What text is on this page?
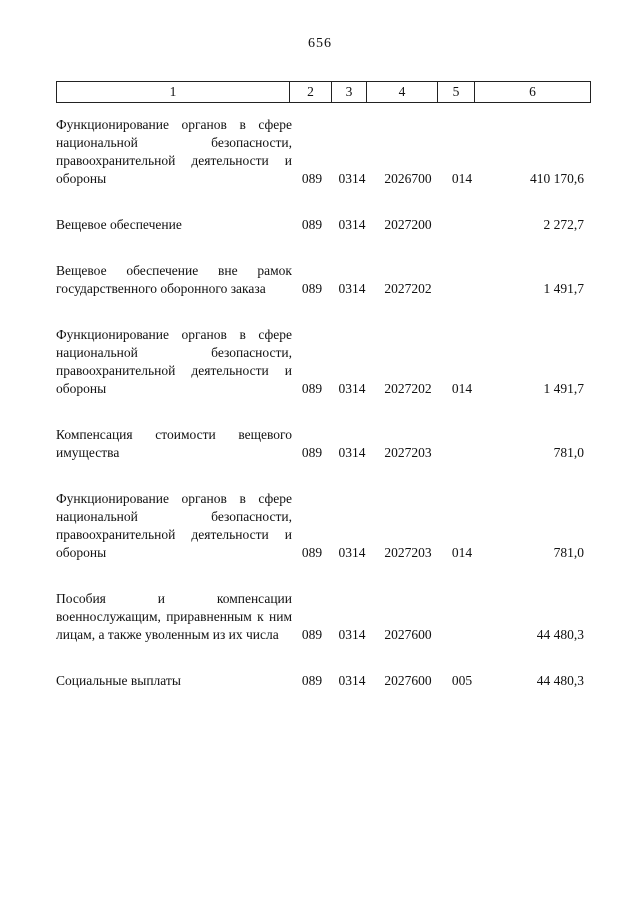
656
1	2	3	4	5	6
Функционирование органов в сфере национальной безопасности, правоохранительной деятельности и обороны	089	0314	2026700	014	410 170,6
Вещевое обеспечение	089	0314	2027200		2 272,7
Вещевое обеспечение вне рамок государственного оборонного заказа	089	0314	2027202		1 491,7
Функционирование органов в сфере национальной безопасности, правоохранительной деятельности и обороны	089	0314	2027202	014	1 491,7
Компенсация стоимости вещевого имущества	089	0314	2027203		781,0
Функционирование органов в сфере национальной безопасности, правоохранительной деятельности и обороны	089	0314	2027203	014	781,0
Пособия и компенсации военнослужащим, приравненным к ним лицам, а также уволенным из их числа	089	0314	2027600		44 480,3
Социальные выплаты	089	0314	2027600	005	44 480,3
